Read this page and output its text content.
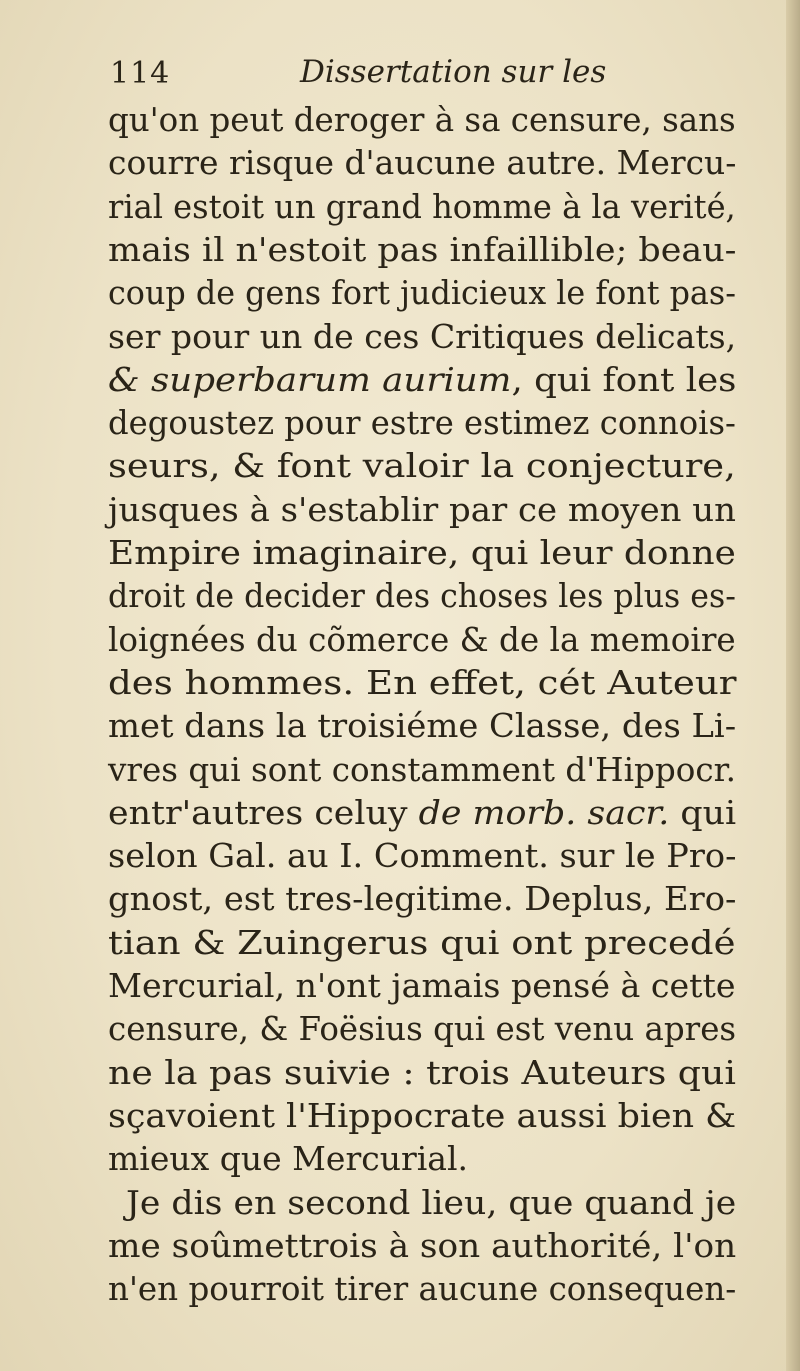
114	Dissertation sur les
qu'on peut deroger à sa censure, sans
courre risque d'aucune autre. Mercu-
rial estoit un grand homme à la verité,
mais il n'estoit pas infaillible; beau-
coup de gens fort judicieux le font pas-
ser pour un de ces Critiques delicats,
& superbarum aurium, qui font les
degoustez pour estre estimez connois-
seurs, & font valoir la conjecture,
jusques à s'establir par ce moyen un
Empire imaginaire, qui leur donne
droit de decider des choses les plus es-
loignées du cõmerce & de la memoire
des hommes. En effet, cét Auteur
met dans la troisiéme Classe, des Li-
vres qui sont constamment d'Hippocr.
entr'autres celuy de morb. sacr. qui
selon Gal. au I. Comment. sur le Pro-
gnost, est tres-legitime. Deplus, Ero-
tian & Zuingerus qui ont precedé
Mercurial, n'ont jamais pensé à cette
censure, & Foësius qui est venu apres
ne la pas suivie : trois Auteurs qui
sçavoient l'Hippocrate aussi bien &
mieux que Mercurial.
Je dis en second lieu, que quand je
me soûmettrois à son authorité, l'on
n'en pourroit tirer aucune consequen-
